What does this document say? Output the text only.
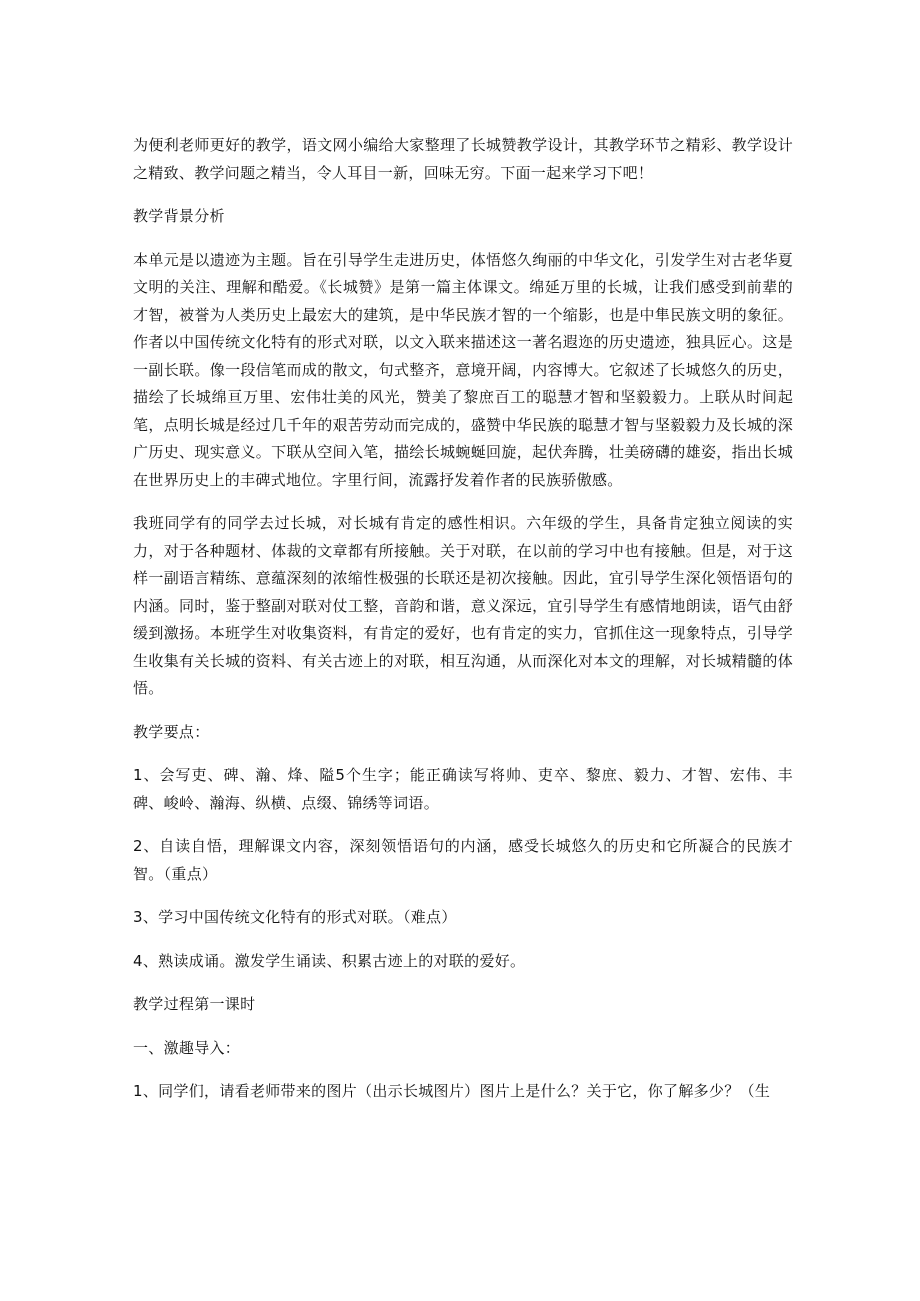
为便利老师更好的教学，语文网小编给大家整理了长城赞教学设计，其教学环节之精彩、教学设计之精致、教学问题之精当，令人耳目一新，回味无穷。下面一起来学习下吧！

教学背景分析

本单元是以遗迹为主题。旨在引导学生走进历史，体悟悠久绚丽的中华文化，引发学生对古老华夏文明的关注、理解和酷爱。《长城赞》是第一篇主体课文。绵延万里的长城，让我们感受到前辈的才智，被誉为人类历史上最宏大的建筑，是中华民族才智的一个缩影，也是中隼民族文明的象征。作者以中国传统文化特有的形式对联，以文入联来描述这一著名遐迩的历史遗迹，独具匠心。这是一副长联。像一段信笔而成的散文，句式整齐，意境开阔，内容博大。它叙述了长城悠久的历史，描绘了长城绵亘万里、宏伟壮美的风光，赞美了黎庶百工的聪慧才智和坚毅毅力。上联从时间起笔，点明长城是经过几千年的艰苦劳动而完成的，盛赞中华民族的聪慧才智与坚毅毅力及长城的深广历史、现实意义。下联从空间入笔，描绘长城蜿蜒回旋，起伏奔腾，壮美磅礴的雄姿，指出长城在世界历史上的丰碑式地位。字里行间，流露抒发着作者的民族骄傲感。

我班同学有的同学去过长城，对长城有肯定的感性相识。六年级的学生，具备肯定独立阅读的实力，对于各种题材、体裁的文章都有所接触。关于对联，在以前的学习中也有接触。但是，对于这样一副语言精练、意蕴深刻的浓缩性极强的长联还是初次接触。因此，宜引导学生深化领悟语句的内涵。同时，鉴于整副对联对仗工整，音韵和谐，意义深远，宜引导学生有感情地朗读，语气由舒缓到激扬。本班学生对收集资料，有肯定的爱好，也有肯定的实力，官抓住这一现象特点，引导学生收集有关长城的资料、有关古迹上的对联，相互沟通，从而深化对本文的理解，对长城精髓的体悟。

教学要点：

1、会写吏、碑、瀚、烽、隘5个生字；能正确读写将帅、吏卒、黎庶、毅力、才智、宏伟、丰碑、峻岭、瀚海、纵横、点缀、锦绣等词语。

2、自读自悟，理解课文内容，深刻领悟语句的内涵，感受长城悠久的历史和它所凝合的民族才智。（重点）

3、学习中国传统文化特有的形式对联。（难点）

4、熟读成诵。激发学生诵读、积累古迹上的对联的爱好。

教学过程第一课时

一、激趣导入：

1、同学们，请看老师带来的图片（出示长城图片）图片上是什么？关于它，你了解多少？（生
